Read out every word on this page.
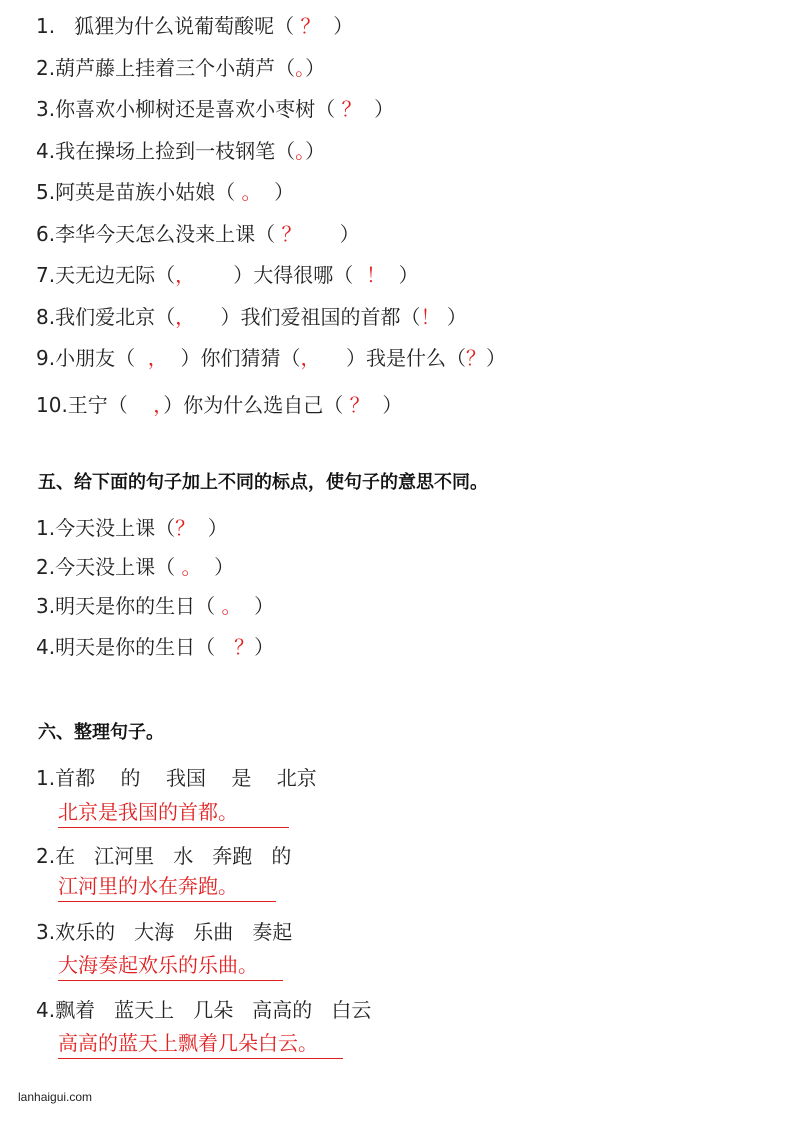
1.   狐狸为什么说葡萄酸呢（ ？  ）
2.葫芦藤上挂着三个小葫芦（。）
3.你喜欢小柳树还是喜欢小枣树（ ？  ）
4.我在操场上捡到一枝钢笔（。）
5.阿英是苗族小姑娘（ 。  ）
6.李华今天怎么没来上课（ ？      ）
7.天无边无际（，      ）大得很哪（  ！  ）
8.我们爱北京（，    ）我们爱祖国的首都（！ ）
9.小朋友（  ，  ）你们猜猜（，    ）我是什么（？）
10.王宁（    ，）你为什么选自己（ ？  ）
五、给下面的句子加上不同的标点，使句子的意思不同。
1.今天没上课（？  ）
2.今天没上课（ 。  ）
3.明天是你的生日（ 。  ）
4.明天是你的生日（   ？）
六、整理句子。
1.首都    的    我国    是    北京
北京是我国的首都。
2.在   江河里   水   奔跑   的
江河里的水在奔跑。
3.欢乐的   大海   乐曲   奏起
大海奏起欢乐的乐曲。
4.飘着   蓝天上   几朵   高高的   白云
高高的蓝天上飘着几朵白云。
lanhaigui.com
